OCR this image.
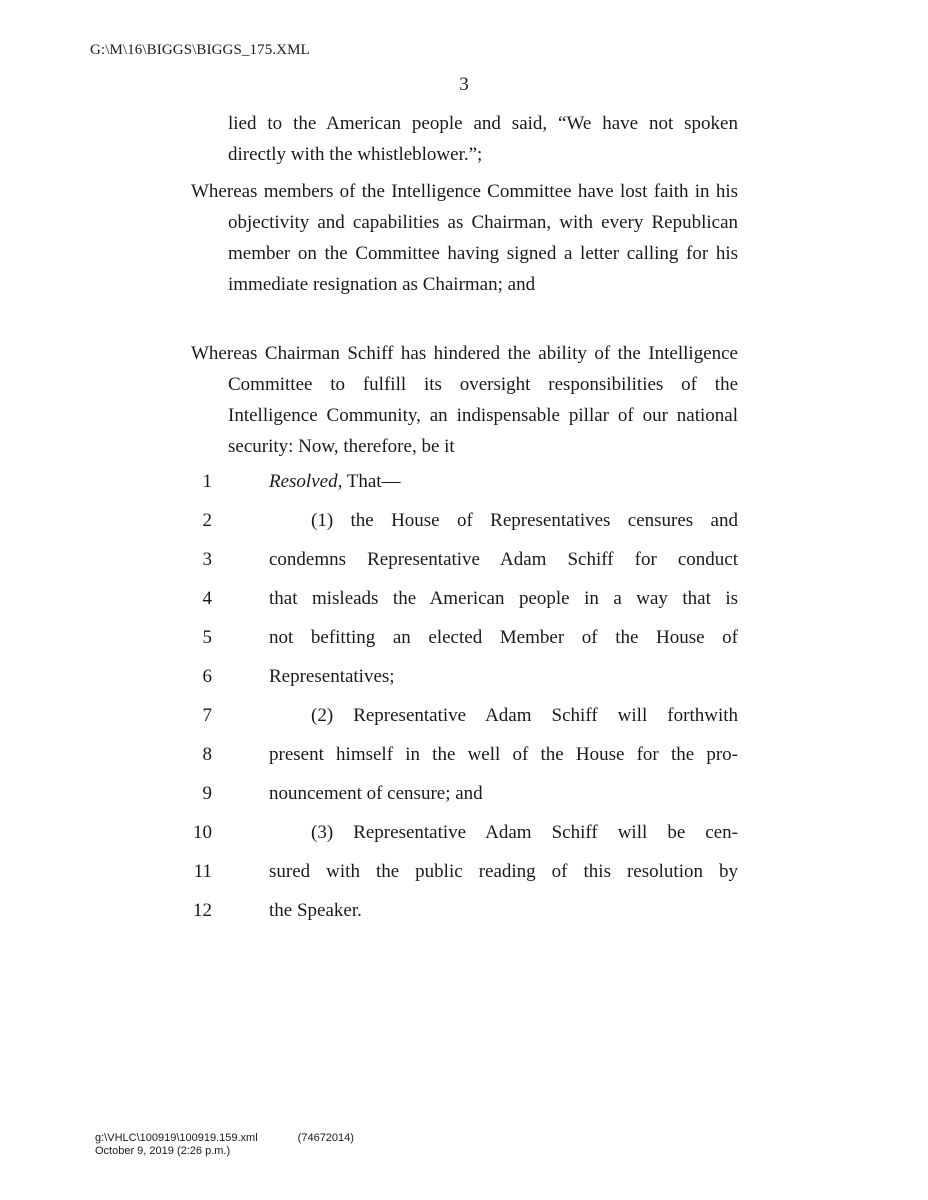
G:\M\16\BIGGS\BIGGS_175.XML
3

lied to the American people and said, “We have not spoken directly with the whistleblower.”;

Whereas members of the Intelligence Committee have lost faith in his objectivity and capabilities as Chairman, with every Republican member on the Committee having signed a letter calling for his immediate resignation as Chairman; and

Whereas Chairman Schiff has hindered the ability of the Intelligence Committee to fulfill its oversight responsibilities of the Intelligence Community, an indispensable pillar of our national security: Now, therefore, be it

1	Resolved, That—
2	(1) the House of Representatives censures and
3	condemns Representative Adam Schiff for conduct
4	that misleads the American people in a way that is
5	not befitting an elected Member of the House of
6	Representatives;
7	(2) Representative Adam Schiff will forthwith
8	present himself in the well of the House for the pro-
9	nouncement of censure; and
10	(3) Representative Adam Schiff will be cen-
11	sured with the public reading of this resolution by
12	the Speaker.
g:\VHLC\100919\100919.159.xml	(74672014)
October 9, 2019 (2:26 p.m.)
